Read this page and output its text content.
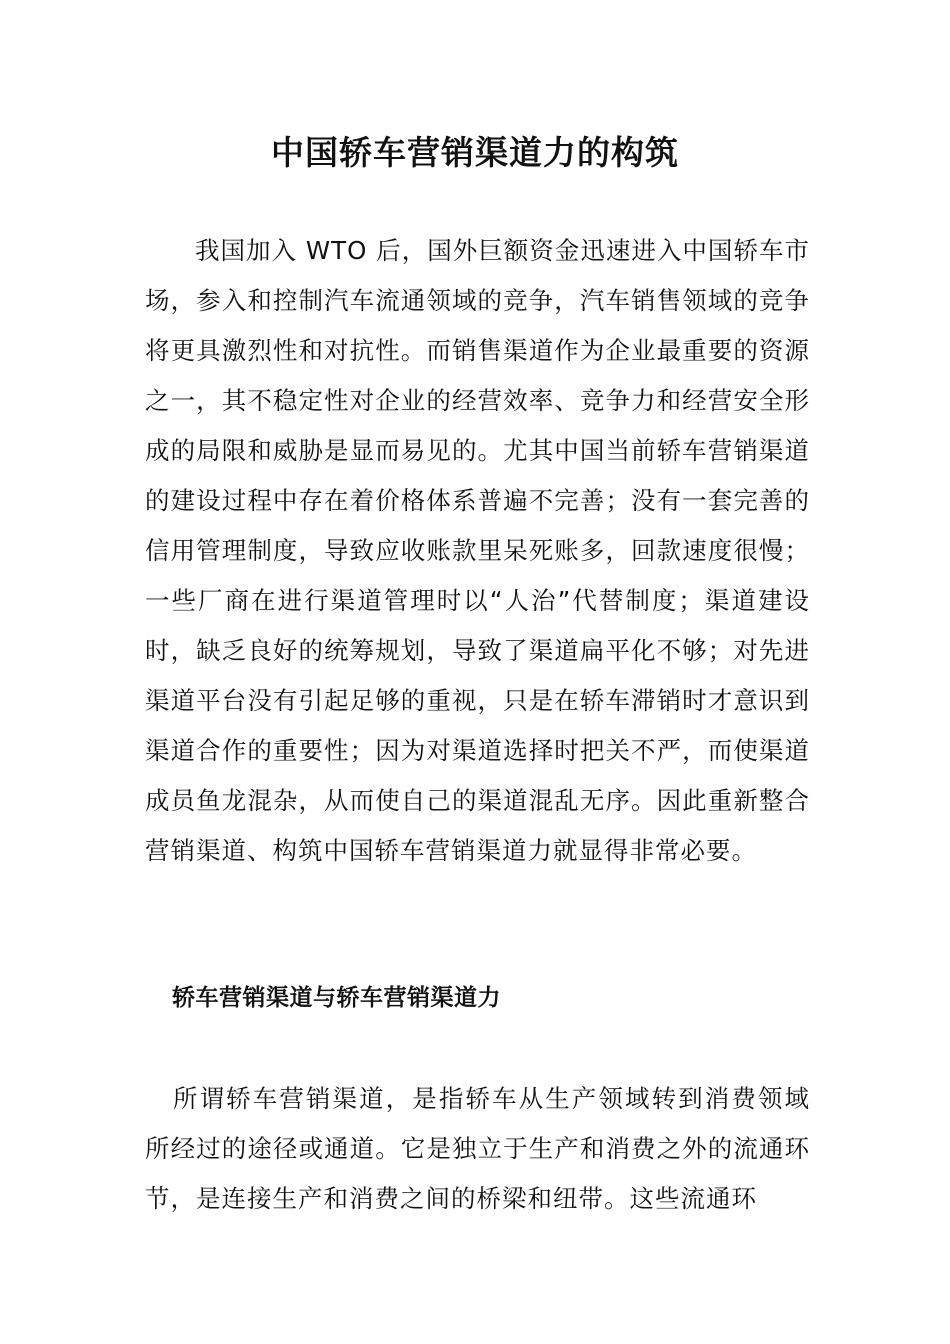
中国轿车营销渠道力的构筑

我国加入 WTO 后，国外巨额资金迅速进入中国轿车市场，参入和控制汽车流通领域的竞争，汽车销售领域的竞争将更具激烈性和对抗性。而销售渠道作为企业最重要的资源之一，其不稳定性对企业的经营效率、竞争力和经营安全形成的局限和威胁是显而易见的。尤其中国当前轿车营销渠道的建设过程中存在着价格体系普遍不完善；没有一套完善的信用管理制度，导致应收账款里呆死账多，回款速度很慢；一些厂商在进行渠道管理时以“人治”代替制度；渠道建设时，缺乏良好的统筹规划，导致了渠道扁平化不够；对先进渠道平台没有引起足够的重视，只是在轿车滞销时才意识到渠道合作的重要性；因为对渠道选择时把关不严，而使渠道成员鱼龙混杂，从而使自己的渠道混乱无序。因此重新整合营销渠道、构筑中国轿车营销渠道力就显得非常必要。

轿车营销渠道与轿车营销渠道力

所谓轿车营销渠道，是指轿车从生产领域转到消费领域所经过的途径或通道。它是独立于生产和消费之外的流通环节，是连接生产和消费之间的桥梁和纽带。这些流通环
